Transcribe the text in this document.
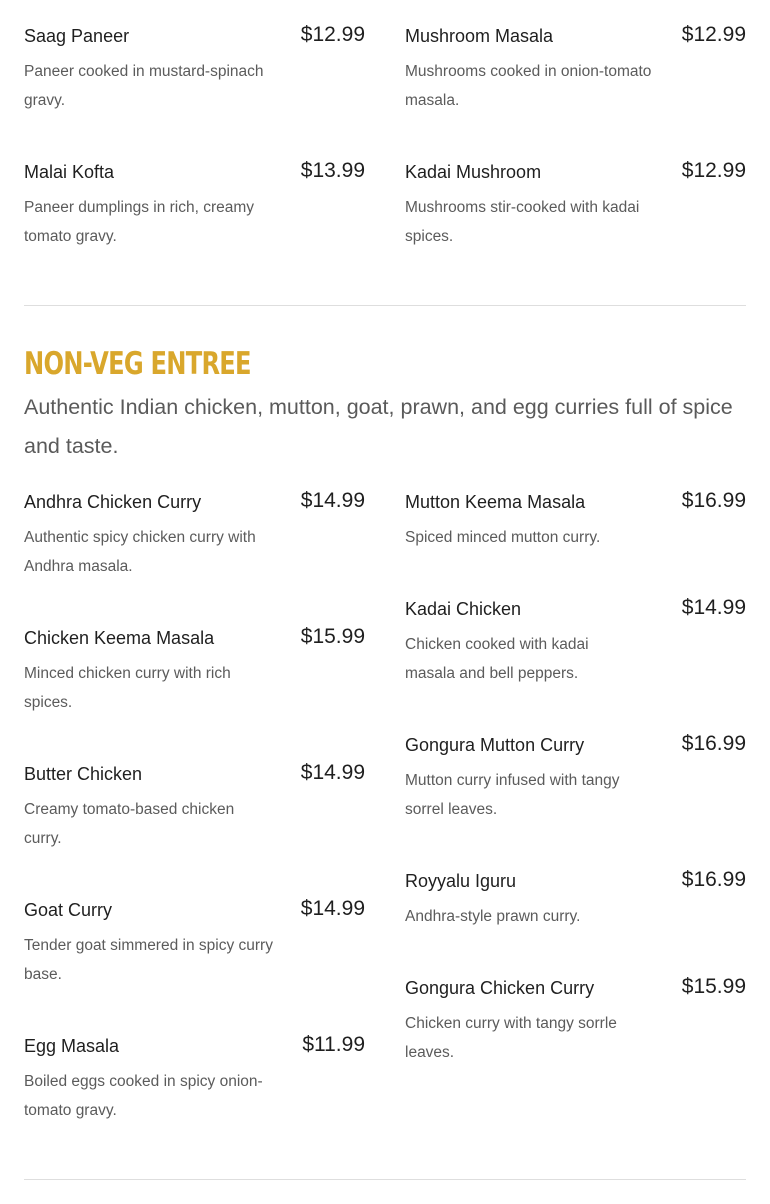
Saag Paneer	$12.99
Paneer cooked in mustard-spinach gravy.
Mushroom Masala	$12.99
Mushrooms cooked in onion-tomato masala.
Malai Kofta	$13.99
Paneer dumplings in rich, creamy tomato gravy.
Kadai Mushroom	$12.99
Mushrooms stir-cooked with kadai spices.
NON-VEG ENTREE

Authentic Indian chicken, mutton, goat, prawn, and egg curries full of spice and taste.

Andhra Chicken Curry	$14.99
Authentic spicy chicken curry with Andhra masala.
Chicken Keema Masala	$15.99
Minced chicken curry with rich spices.
Butter Chicken	$14.99
Creamy tomato-based chicken curry.
Goat Curry	$14.99
Tender goat simmered in spicy curry base.
Egg Masala	$11.99
Boiled eggs cooked in spicy onion-tomato gravy.
Mutton Keema Masala	$16.99
Spiced minced mutton curry.
Kadai Chicken	$14.99
Chicken cooked with kadai masala and bell peppers.
Gongura Mutton Curry	$16.99
Mutton curry infused with tangy sorrel leaves.
Royyalu Iguru	$16.99
Andhra-style prawn curry.
Gongura Chicken Curry	$15.99
Chicken curry with tangy sorrle leaves.
